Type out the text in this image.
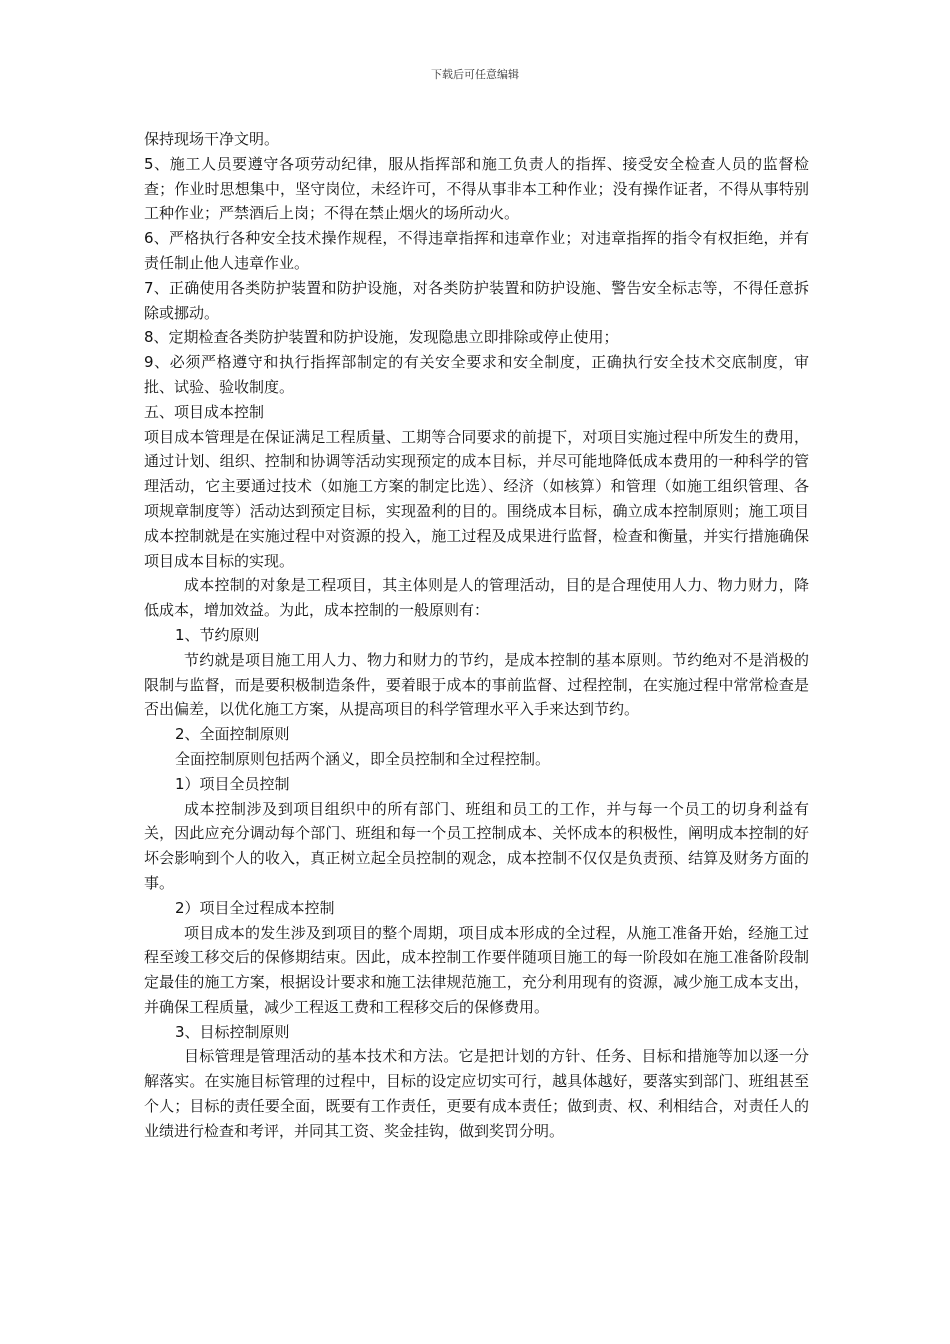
下载后可任意编辑

保持现场干净文明。

5、施工人员要遵守各项劳动纪律，服从指挥部和施工负责人的指挥、接受安全检查人员的监督检查；作业时思想集中，坚守岗位，未经许可，不得从事非本工种作业；没有操作证者，不得从事特别工种作业；严禁酒后上岗；不得在禁止烟火的场所动火。

6、严格执行各种安全技术操作规程，不得违章指挥和违章作业；对违章指挥的指令有权拒绝，并有责任制止他人违章作业。

7、正确使用各类防护装置和防护设施，对各类防护装置和防护设施、警告安全标志等，不得任意拆除或挪动。

8、定期检查各类防护装置和防护设施，发现隐患立即排除或停止使用；

9、必须严格遵守和执行指挥部制定的有关安全要求和安全制度，正确执行安全技术交底制度，审批、试验、验收制度。

五、项目成本控制

项目成本管理是在保证满足工程质量、工期等合同要求的前提下，对项目实施过程中所发生的费用，通过计划、组织、控制和协调等活动实现预定的成本目标，并尽可能地降低成本费用的一种科学的管理活动，它主要通过技术（如施工方案的制定比选）、经济（如核算）和管理（如施工组织管理、各项规章制度等）活动达到预定目标，实现盈利的目的。围绕成本目标，确立成本控制原则；施工项目成本控制就是在实施过程中对资源的投入，施工过程及成果进行监督，检查和衡量，并实行措施确保项目成本目标的实现。

成本控制的对象是工程项目，其主体则是人的管理活动，目的是合理使用人力、物力财力，降低成本，增加效益。为此，成本控制的一般原则有：

1、节约原则

节约就是项目施工用人力、物力和财力的节约，是成本控制的基本原则。节约绝对不是消极的限制与监督，而是要积极制造条件，要着眼于成本的事前监督、过程控制，在实施过程中常常检查是否出偏差，以优化施工方案，从提高项目的科学管理水平入手来达到节约。

2、全面控制原则

全面控制原则包括两个涵义，即全员控制和全过程控制。

1）项目全员控制

成本控制涉及到项目组织中的所有部门、班组和员工的工作，并与每一个员工的切身利益有关，因此应充分调动每个部门、班组和每一个员工控制成本、关怀成本的积极性，阐明成本控制的好坏会影响到个人的收入，真正树立起全员控制的观念，成本控制不仅仅是负责预、结算及财务方面的事。

2）项目全过程成本控制

项目成本的发生涉及到项目的整个周期，项目成本形成的全过程，从施工准备开始，经施工过程至竣工移交后的保修期结束。因此，成本控制工作要伴随项目施工的每一阶段如在施工准备阶段制定最佳的施工方案，根据设计要求和施工法律规范施工，充分利用现有的资源，减少施工成本支出，并确保工程质量，减少工程返工费和工程移交后的保修费用。

3、目标控制原则

目标管理是管理活动的基本技术和方法。它是把计划的方针、任务、目标和措施等加以逐一分解落实。在实施目标管理的过程中，目标的设定应切实可行，越具体越好，要落实到部门、班组甚至个人；目标的责任要全面，既要有工作责任，更要有成本责任；做到责、权、利相结合，对责任人的业绩进行检查和考评，并同其工资、奖金挂钩，做到奖罚分明。
